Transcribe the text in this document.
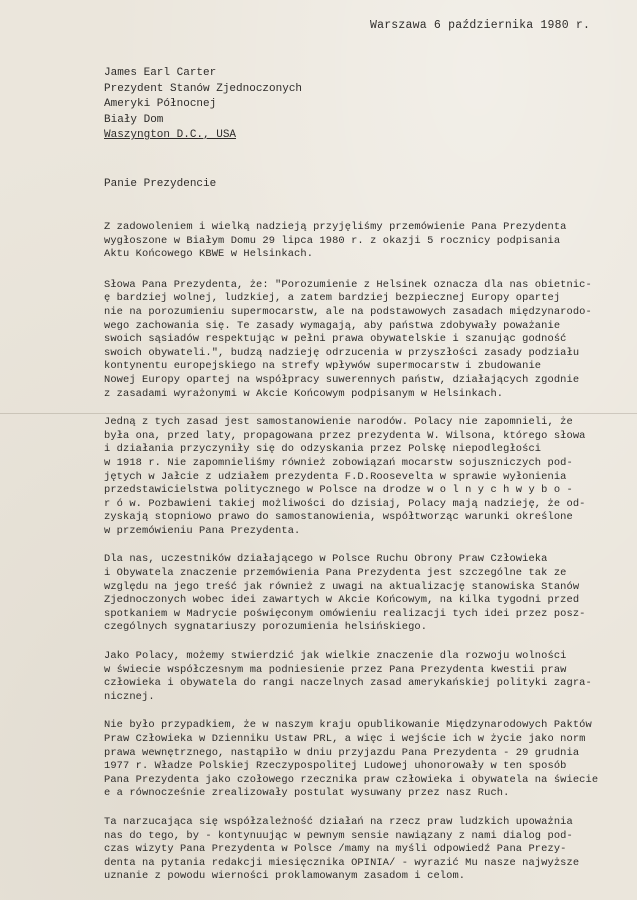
Warszawa 6 października 1980 r.
James Earl Carter
Prezydent Stanów Zjednoczonych
Ameryki Północnej
Biały Dom
Waszyngton D.C., USA
Panie Prezydencie

Z zadowoleniem i wielką nadzieją przyjęliśmy przemówienie Pana Prezydenta
wygłoszone w Białym Domu 29 lipca 1980 r. z okazji 5 rocznicy podpisania
Aktu Końcowego KBWE w Helsinkach.

Słowa Pana Prezydenta, że: "Porozumienie z Helsinek oznacza dla nas obietnic-
ę bardziej wolnej, ludzkiej, a zatem bardziej bezpiecznej Europy opartej
nie na porozumieniu supermocarstw, ale na podstawowych zasadach międzynarodo-
wego zachowania się. Te zasady wymagają, aby państwa zdobywały poważanie
swoich sąsiadów respektując w pełni prawa obywatelskie i szanując godność
swoich obywateli.", budzą nadzieję odrzucenia w przyszłości zasady podziału
kontynentu europejskiego na strefy wpływów supermocarstw i zbudowanie
Nowej Europy opartej na współpracy suwerennych państw, działających zgodnie
z zasadami wyrażonymi w Akcie Końcowym podpisanym w Helsinkach.

Jedną z tych zasad jest samostanowienie narodów. Polacy nie zapomnieli, że
była ona, przed laty, propagowana przez prezydenta W. Wilsona, którego słowa
i działania przyczyniły się do odzyskania przez Polskę niepodległości
w 1918 r. Nie zapomnieliśmy również zobowiązań mocarstw sojuszniczych pod-
jętych w Jałcie z udziałem prezydenta F.D.Roosevelta w sprawie wyłonienia
przedstawicielstwa politycznego w Polsce na drodze w o l n y c h w y b o -
r ó w. Pozbawieni takiej możliwości do dzisiaj, Polacy mają nadzieję, że od-
zyskają stopniowo prawo do samostanowienia, współtworząc warunki określone
w przemówieniu Pana Prezydenta.

Dla nas, uczestników działającego w Polsce Ruchu Obrony Praw Człowieka
i Obywatela znaczenie przemówienia Pana Prezydenta jest szczególne tak ze
względu na jego treść jak również z uwagi na aktualizację stanowiska Stanów
Zjednoczonych wobec idei zawartych w Akcie Końcowym, na kilka tygodni przed
spotkaniem w Madrycie poświęconym omówieniu realizacji tych idei przez posz-
czególnych sygnatariuszy porozumienia helsińskiego.

Jako Polacy, możemy stwierdzić jak wielkie znaczenie dla rozwoju wolności
w świecie współczesnym ma podniesienie przez Pana Prezydenta kwestii praw
człowieka i obywatela do rangi naczelnych zasad amerykańskiej polityki zagra-
nicznej.

Nie było przypadkiem, że w naszym kraju opublikowanie Międzynarodowych Paktów
Praw Człowieka w Dzienniku Ustaw PRL, a więc i wejście ich w życie jako norm
prawa wewnętrznego, nastąpiło w dniu przyjazdu Pana Prezydenta - 29 grudnia
1977 r. Władze Polskiej Rzeczypospolitej Ludowej uhonorowały w ten sposób
Pana Prezydenta jako czołowego rzecznika praw człowieka i obywatela na świecie
e a równocześnie zrealizowały postulat wysuwany przez nasz Ruch.

Ta narzucająca się współzależność działań na rzecz praw ludzkich upoważnia
nas do tego, by - kontynuując w pewnym sensie nawiązany z nami dialog pod-
czas wizyty Pana Prezydenta w Polsce /mamy na myśli odpowiedź Pana Prezy-
denta na pytania redakcji miesięcznika OPINIA/ - wyrazić Mu nasze najwyższe
uznanie z powodu wierności proklamowanym zasadom i celom.
